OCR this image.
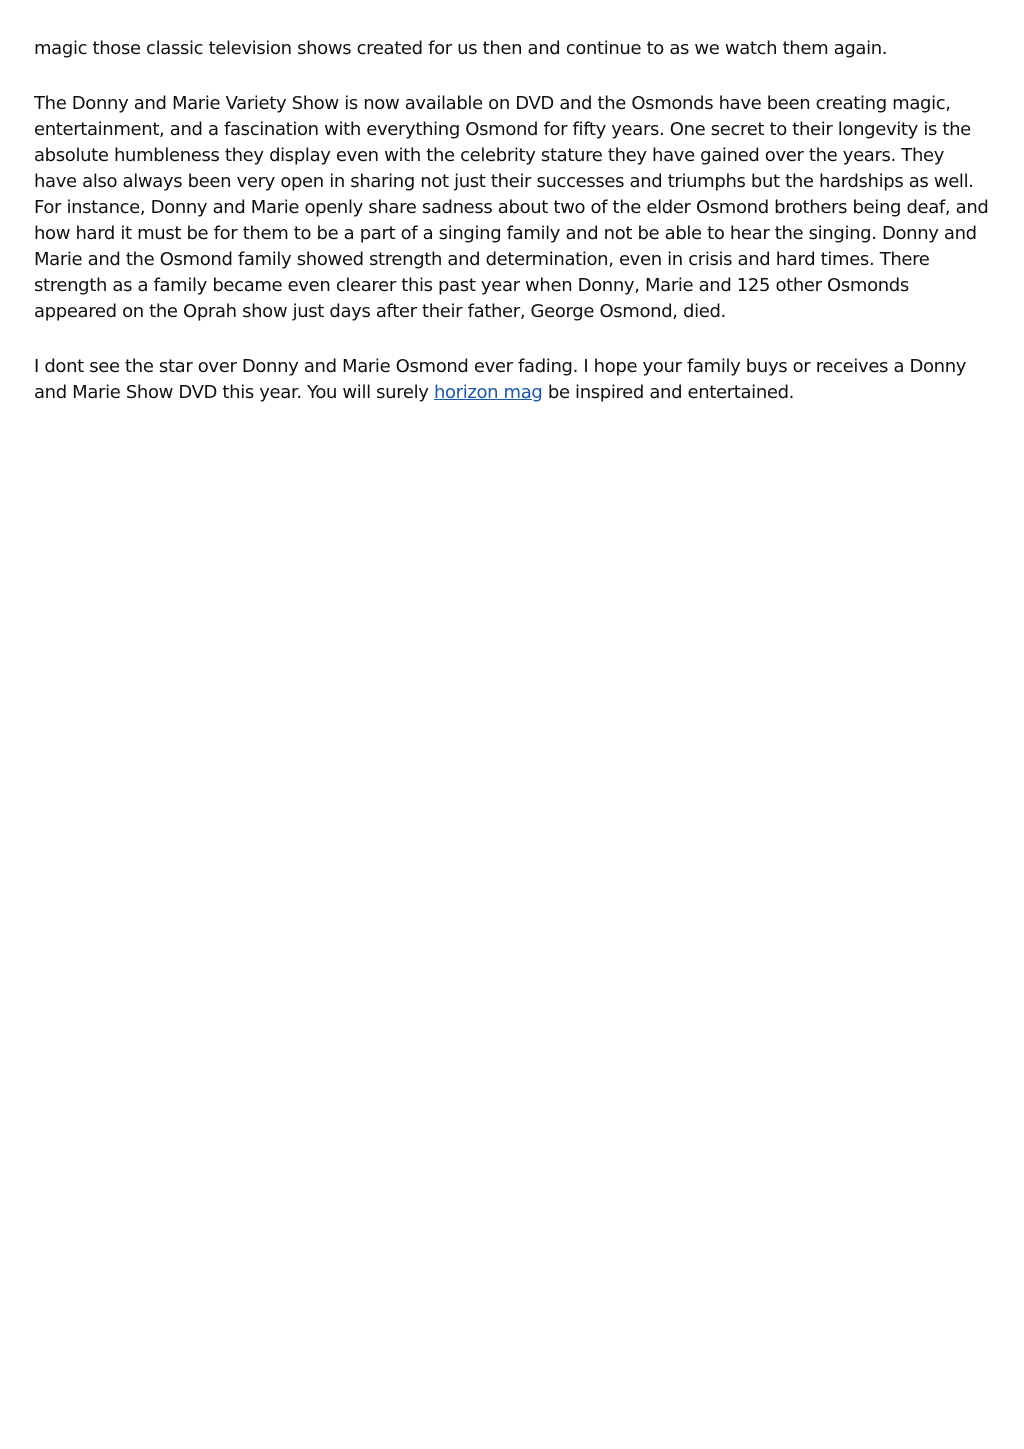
magic those classic television shows created for us then and continue to as we watch them again.

The Donny and Marie Variety Show is now available on DVD and the Osmonds have been creating magic, entertainment, and a fascination with everything Osmond for fifty years. One secret to their longevity is the absolute humbleness they display even with the celebrity stature they have gained over the years. They have also always been very open in sharing not just their successes and triumphs but the hardships as well. For instance, Donny and Marie openly share sadness about two of the elder Osmond brothers being deaf, and how hard it must be for them to be a part of a singing family and not be able to hear the singing. Donny and Marie and the Osmond family showed strength and determination, even in crisis and hard times. There strength as a family became even clearer this past year when Donny, Marie and 125 other Osmonds appeared on the Oprah show just days after their father, George Osmond, died.

I dont see the star over Donny and Marie Osmond ever fading. I hope your family buys or receives a Donny and Marie Show DVD this year. You will surely horizon mag be inspired and entertained.
